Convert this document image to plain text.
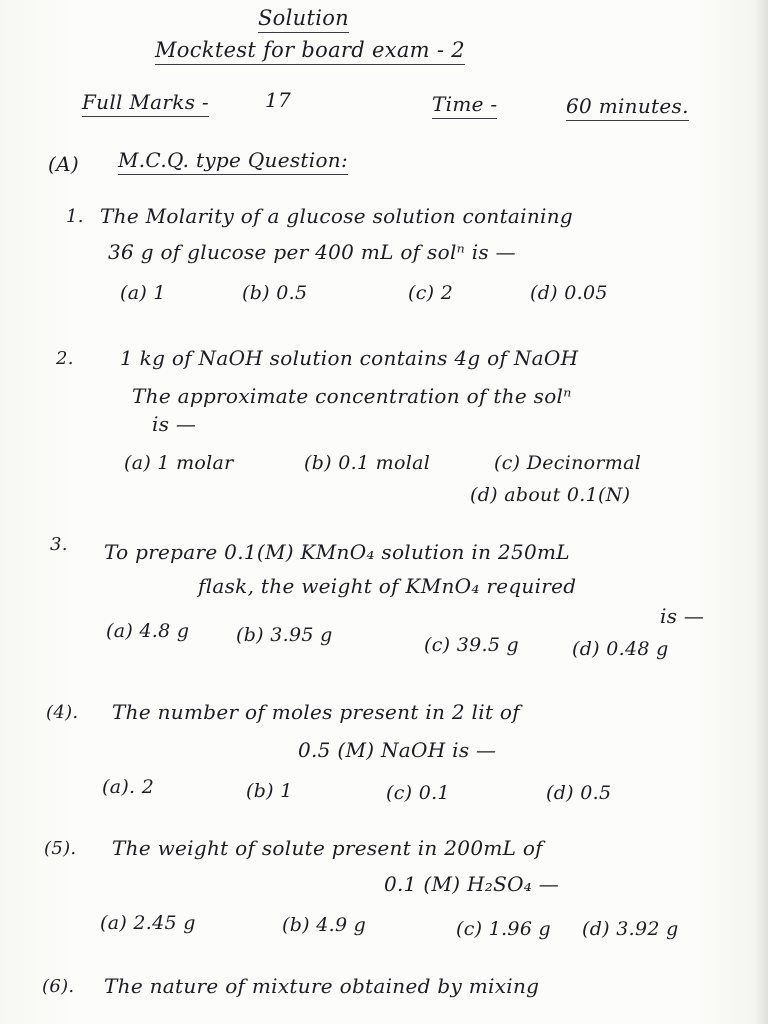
Solution
Mocktest for board exam - 2
Full Marks -	17	Time -	60 minutes.
(A) M.C.Q. type Question:
1. The Molarity of a glucose solution containing
36 g of glucose per 400 mL of solⁿ is —
(a) 1	(b) 0.5	(c) 2	(d) 0.05
2. 1 kg of NaOH solution contains 4g of NaOH
The approximate concentration of the solⁿ
is —
(a) 1 molar	(b) 0.1 molal	(c) Decinormal
(d) about 0.1(N)
3. To prepare 0.1(M) KMnO₄ solution in 250mL
flask, the weight of KMnO₄ required
is —
(a) 4.8 g (b) 3.95 g	(c) 39.5 g	(d) 0.48 g
(4). The number of moles present in 2 lit of
0.5 (M) NaOH is —
(a). 2	(b) 1	(c) 0.1	(d) 0.5
(5). The weight of solute present in 200mL of
0.1 (M) H₂SO₄ —
(a) 2.45 g	(b) 4.9 g	(c) 1.96 g (d) 3.92 g
(6). The nature of mixture obtained by mixing
